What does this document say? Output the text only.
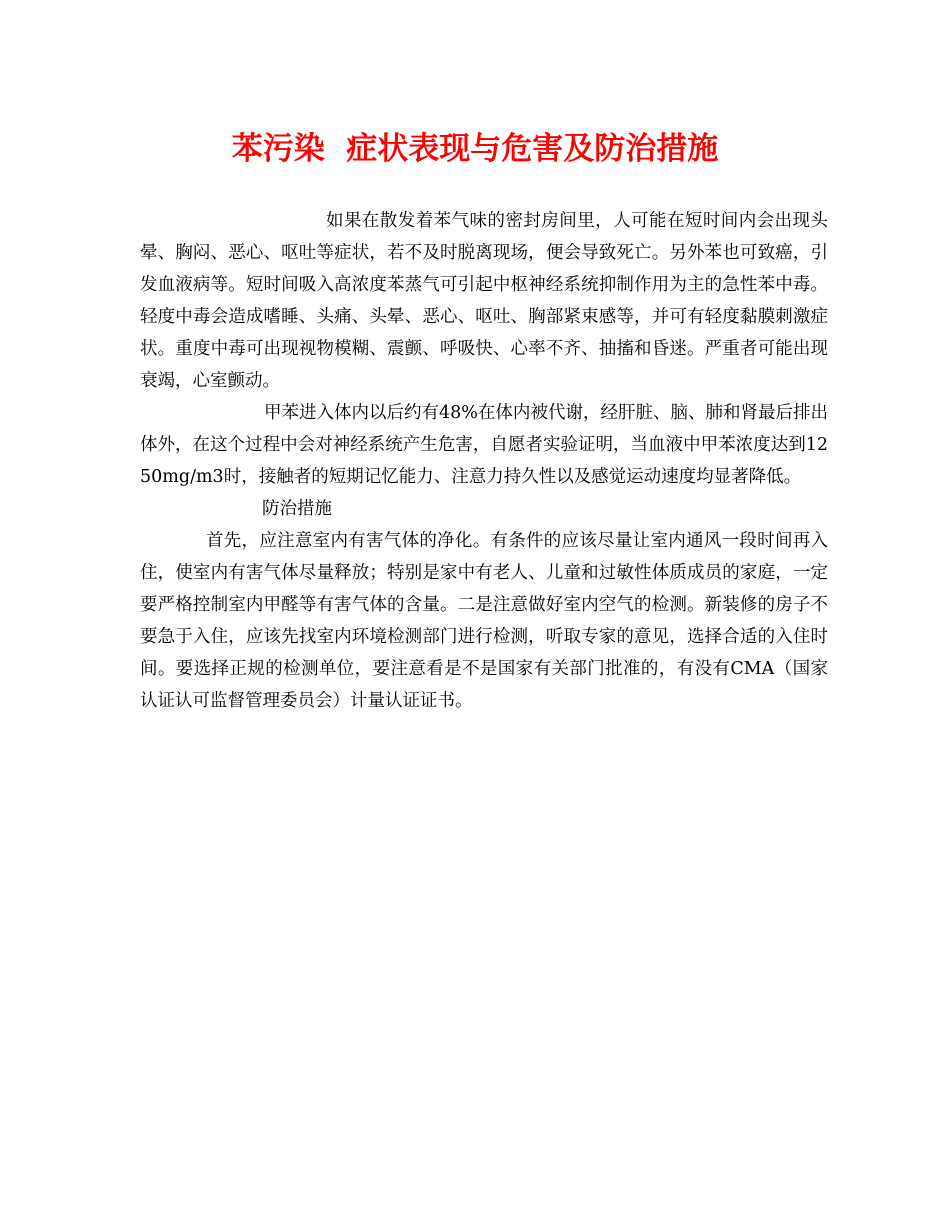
苯污染  症状表现与危害及防治措施

如果在散发着苯气味的密封房间里，人可能在短时间内会出现头晕、胸闷、恶心、呕吐等症状，若不及时脱离现场，便会导致死亡。另外苯也可致癌，引发血液病等。短时间吸入高浓度苯蒸气可引起中枢神经系统抑制作用为主的急性苯中毒。轻度中毒会造成嗜睡、头痛、头晕、恶心、呕吐、胸部紧束感等，并可有轻度黏膜刺激症状。重度中毒可出现视物模糊、震颤、呼吸快、心率不齐、抽搐和昏迷。严重者可能出现衰竭，心室颤动。

甲苯进入体内以后约有48%在体内被代谢，经肝脏、脑、肺和肾最后排出体外，在这个过程中会对神经系统产生危害，自愿者实验证明，当血液中甲苯浓度达到1250mg/m3时，接触者的短期记忆能力、注意力持久性以及感觉运动速度均显著降低。

防治措施

首先，应注意室内有害气体的净化。有条件的应该尽量让室内通风一段时间再入住，使室内有害气体尽量释放；特别是家中有老人、儿童和过敏性体质成员的家庭，一定要严格控制室内甲醛等有害气体的含量。二是注意做好室内空气的检测。新装修的房子不要急于入住，应该先找室内环境检测部门进行检测，听取专家的意见，选择合适的入住时间。要选择正规的检测单位，要注意看是不是国家有关部门批准的，有没有CMA（国家认证认可监督管理委员会）计量认证证书。
